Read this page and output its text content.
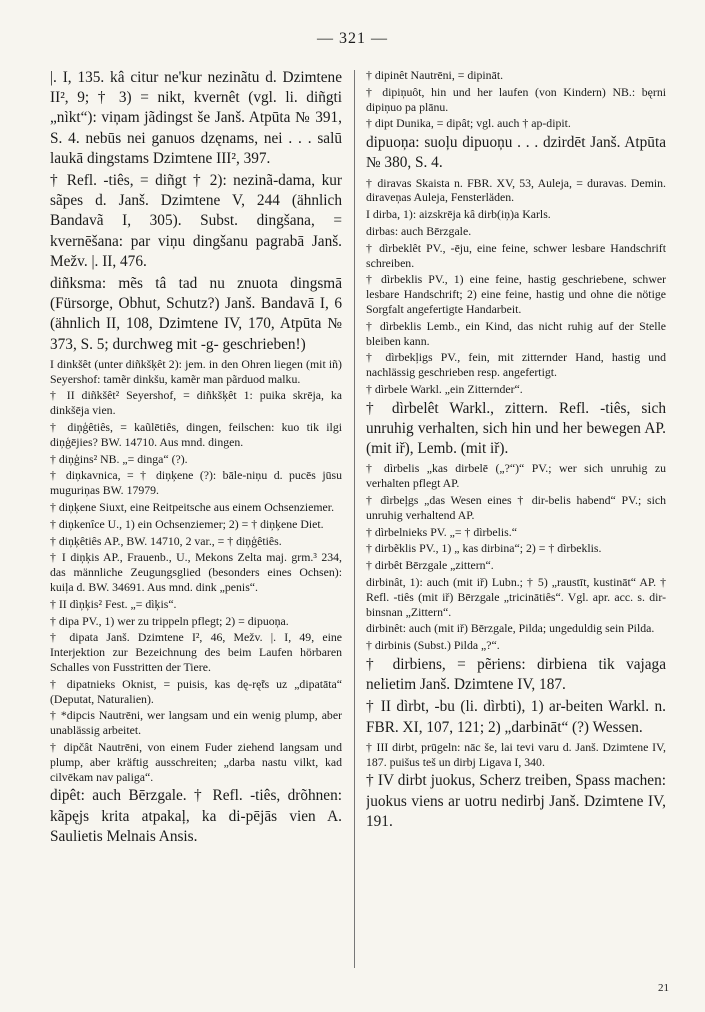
— 321 —

|. I, 135. kâ citur ne'kur nezinãtu d. Dzimtene II², 9; † 3) = nikt, kvernêt (vgl. li. diñgti „nìkt“): viņam jãdingst še Janš. Atpūta № 391, S. 4. nebūs nei ganuos dzęnams, nei . . . salū laukā dingstams Dzimtene III², 397.

† Refl. -tiês, = diñgt † 2): nezinã-dama, kur sãpes d. Janš. Dzimtene V, 244 (ähnlich Bandavã I, 305). Subst. dingšana, = kvernēšana: par viņu dingšanu pagrabā Janš. Mežv. |. II, 476.

diñksma: mẽs tâ tad nu znuota dingsmā (Fürsorge, Obhut, Schutz?) Janš. Bandavā I, 6 (ähnlich II, 108, Dzimtene IV, 170, Atpūta № 373, S. 5; durchweg mit -g- geschrieben!)

I dinkšêt (unter diñkšķêt 2): jem. in den Ohren liegen (mit iñ) Seyershof: tamẽr dinkšu, kamẽr man pãrduod malku.

† II diñkšêt² Seyershof, = diñkšķêt 1: puika skrēja, ka dinkšēja vien.

† diņģêtiês, = kaũlētiês, dingen, feilschen: kuo tik ilgi diņģējies? BW. 14710. Aus mnd. dingen.

† diņģins² NB. „= dinga“ (?).

† diņkavnica, = † diņķene (?): bāle-niņu d. pucēs jūsu muguriņas BW. 17979.

† diņķene Siuxt, eine Reitpeitsche aus einem Ochsenziemer.

† diņkenîce U., 1) ein Ochsenziemer; 2) = † diņķene Diet.

† diņķêtiês AP., BW. 14710, 2 var., = † diņģêtiês.

† I diņķis AP., Frauenb., U., Mekons Zelta maj. grm.³ 234, das männliche Zeugungsglied (besonders eines Ochsen): kuiļa d. BW. 34691. Aus mnd. dink „penis“.

† II dìņķis² Fest. „= dìķis“.

† dipa PV., 1) wer zu trippeln pflegt; 2) = dipuoņa.

† dipata Janš. Dzimtene I², 46, Mežv. |. I, 49, eine Interjektion zur Bezeichnung des beim Laufen hörbaren Schalles von Fusstritten der Tiere.

† dipatnieks Oknist, = puisis, kas dę-rę̃ts uz „dipatāta“ (Deputat, Naturalien).

† *dipcis Nautrēni, wer langsam und ein wenig plump, aber unablässig arbeitet.

† dipčât Nautrēni, von einem Fuder ziehend langsam und plump, aber kräftig ausschreiten; „darba nastu vilkt, kad cilvēkam nav paliga“.

dipêt: auch Bērzgale. † Refl. -tiês, drõhnen: kãpęjs krita atpakaļ, ka di-pējās vien A. Saulietis Melnais Ansis.

† dipinêt Nautrēni, = dipināt.

† dipiņuôt, hin und her laufen (von Kindern) NB.: bęrni dipiņuo pa plānu.

† dipt Dunika, = dipât; vgl. auch † ap-dipit.

dipuoņa: suoļu dipuoņu . . . dzirdēt Janš. Atpūta № 380, S. 4.

† diravas Skaista n. FBR. XV, 53, Auleja, = duravas. Demin. diraveņas Auleja, Fensterläden.

I dirba, 1): aizskrēja kâ dirb(iņ)a Karls.

dirbas: auch Bērzgale.

† dìrbeklêt PV., -ēju, eine feine, schwer lesbare Handschrift schreiben.

† dìrbeklis PV., 1) eine feine, hastig geschriebene, schwer lesbare Handschrift; 2) eine feine, hastig und ohne die nötige Sorgfalt angefertigte Handarbeit.

† dìrbeklis Lemb., ein Kind, das nicht ruhig auf der Stelle bleiben kann.

† dìrbekļigs PV., fein, mit zitternder Hand, hastig und nachlässig geschrieben resp. angefertigt.

† dìrbele Warkl. „ein Zitternder“.

† dìrbelêt Warkl., zittern. Refl. -tiês, sich unruhig verhalten, sich hin und her bewegen AP. (mit iř), Lemb. (mit iř).

† dìrbelis „kas dirbelē („?“)“ PV.; wer sich unruhig zu verhalten pflegt AP.

† dìrbeļgs „das Wesen eines † dir-belis habend“ PV.; sich unruhig verhaltend AP.

† dìrbelnieks PV. „= † dìrbelis.“

† dirbẽklis PV., 1) „ kas dirbina“; 2) = † dìrbeklis.

† dirbêt Bērzgale „zittern“.

dirbinât, 1): auch (mit iř) Lubn.; † 5) „raustīt, kustināt“ AP. † Refl. -tiês (mit iř) Bērzgale „tricinātiês“. Vgl. apr. acc. s. dir-binsnan „Zittern“.

dirbinêt: auch (mit iř) Bērzgale, Pilda; ungeduldig sein Pilda.

† dirbinis (Subst.) Pilda „?“.

† dirbiens, = pẽriens: dirbiena tik vajaga nelietim Janš. Dzimtene IV, 187.

† II dìrbt, -bu (li. dìrbti), 1) ar-beiten Warkl. n. FBR. XI, 107, 121; 2) „darbināt“ (?) Wessen.

† III dirbt, prūgeln: nāc še, lai tevi varu d. Janš. Dzimtene IV, 187. puišus teš un dirbj Ligava I, 340.

† IV dirbt juokus, Scherz treiben, Spass machen: juokus viens ar uotru nedirbj Janš. Dzimtene IV, 191.

21
